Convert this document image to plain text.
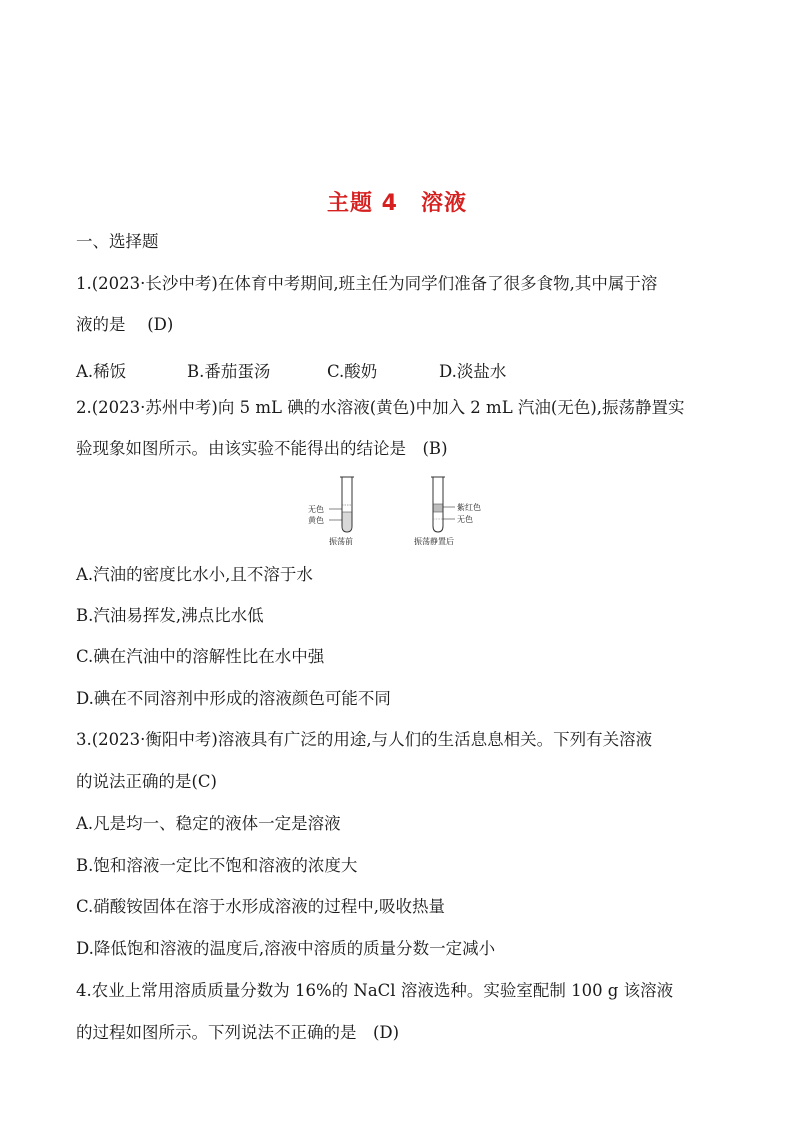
主题 4　溶液
一、选择题
1.(2023·长沙中考)在体育中考期间,班主任为同学们准备了很多食物,其中属于溶
液的是　 (D)
A.稀饭	B.番茄蛋汤	C.酸奶	D.淡盐水
2.(2023·苏州中考)向 5 mL 碘的水溶液(黄色)中加入 2 mL 汽油(无色),振荡静置实
验现象如图所示。由该实验不能得出的结论是　(B)
无色
黄色
振荡前
紫红色
无色
振荡静置后
A.汽油的密度比水小,且不溶于水
B.汽油易挥发,沸点比水低
C.碘在汽油中的溶解性比在水中强
D.碘在不同溶剂中形成的溶液颜色可能不同
3.(2023·衡阳中考)溶液具有广泛的用途,与人们的生活息息相关。下列有关溶液
的说法正确的是(C)
A.凡是均一、稳定的液体一定是溶液
B.饱和溶液一定比不饱和溶液的浓度大
C.硝酸铵固体在溶于水形成溶液的过程中,吸收热量
D.降低饱和溶液的温度后,溶液中溶质的质量分数一定减小
4.农业上常用溶质质量分数为 16%的 NaCl 溶液选种。实验室配制 100 g 该溶液
的过程如图所示。下列说法不正确的是　(D)
